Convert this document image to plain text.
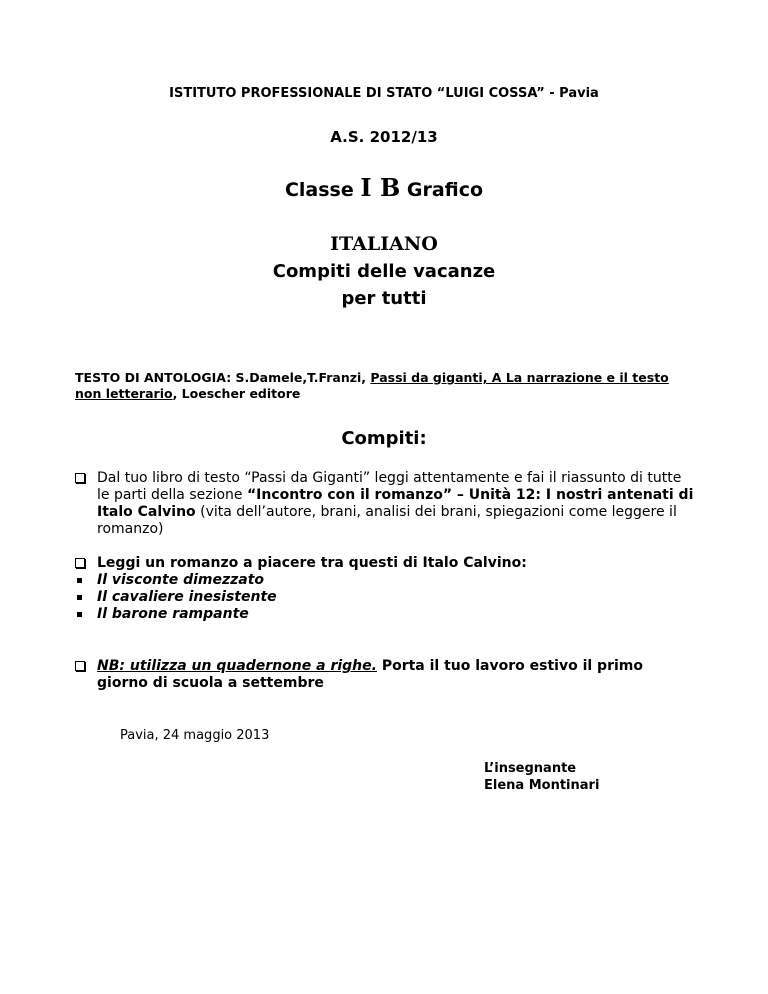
ISTITUTO PROFESSIONALE DI STATO “LUIGI COSSA” - Pavia
A.S. 2012/13
Classe I B Grafico
ITALIANO
Compiti delle vacanze
per tutti
TESTO DI ANTOLOGIA: S.Damele,T.Franzi, Passi da giganti, A La narrazione e il testo non letterario, Loescher editore
Compiti:
Dal tuo libro di testo “Passi da Giganti” leggi attentamente e fai il riassunto di tutte le parti della sezione “Incontro con il romanzo” – Unità 12: I nostri antenati di Italo Calvino (vita dell’autore, brani, analisi dei brani, spiegazioni come leggere il romanzo)
Leggi un romanzo a piacere tra questi di Italo Calvino:
Il visconte dimezzato
Il cavaliere inesistente
Il barone rampante
NB: utilizza un quadernone a righe. Porta il tuo lavoro estivo il primo giorno di scuola a settembre
Pavia, 24 maggio 2013
L’insegnante
Elena Montinari
